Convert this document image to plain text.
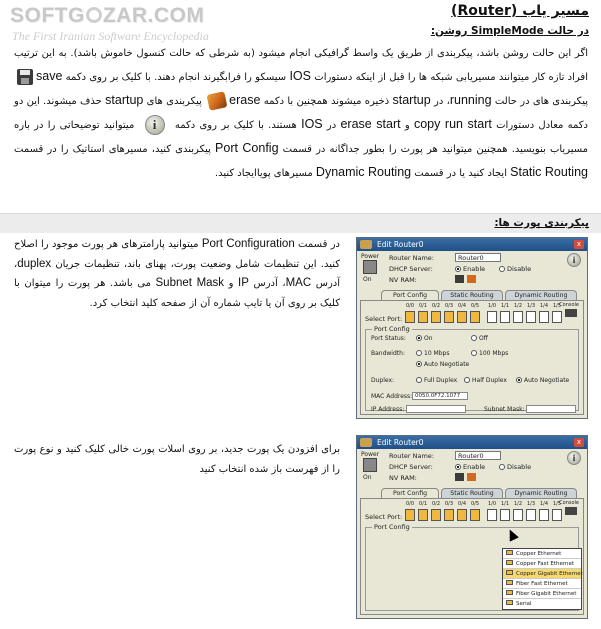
SOFTG ZAR.COM
The First Iranian Software Encyclopedia
مسیر یاب (Router)
در حالت SimpleMode روشن:
اگر این حالت روشن باشد، پیکربندی از طریق یک واسط گرافیکی انجام میشود (به شرطی که حالت کنسول خاموش باشد). به این ترتیب افراد تازه کار میتوانند مسیریابی شبکه ها را قبل از اینکه دستورات IOS سیسکو را فرابگیرند انجام دهند. با کلیک بر روی دکمه save پیکربندی های در حالت running، در startup ذخیره میشوند همچنین با دکمه erase پیکربندی های startup حذف میشوند. این دو دکمه معادل دستورات copy run start و erase start در IOS هستند. با کلیک بر روی دکمه i میتوانید توضیحاتی را در باره مسیریاب بنویسید. همچنین میتوانید هر پورت را بطور جداگانه در قسمت Port Config پیکربندی کنید، مسیرهای استاتیک را در قسمت Static Routing ایجاد کنید یا در قسمت Dynamic Routing مسیرهای پویاایجاد کنید.
پیکربندی پورت ها:
در قسمت Port Configuration میتوانید پارامترهای هر پورت موجود را اصلاح کنید. این تنظیمات شامل وضعیت پورت، پهنای باند، تنظیمات جریان duplex، آدرس MAC، آدرس IP و Subnet Mask می باشد. هر پورت را میتوان با کلیک بر روی آن یا تایپ شماره آن از صفحه کلید انتخاب کرد.
برای افزودن یک پورت جدید، بر روی اسلات پورت خالی کلیک کنید و نوع پورت را از فهرست باز شده انتخاب کنید
Edit Router0	x
Power
On
Router Name:	Router0
DHCP Server:	Enable	Disable
NV RAM:
i
Port Config	Static Routing	Dynamic Routing
Select Port:
0/0 0/1 0/2 0/3 0/4 0/5	1/0 1/1 1/2 1/3 1/4 1/5
Console
Port Config
Port Status:	On	Off
Bandwidth:	10 Mbps	100 Mbps
Auto Negotiate
Duplex:	Full Duplex	Half Duplex	Auto Negotiate
MAC Address: 0050.0F72.1077
IP Address:	Subnet Mask:
Edit Router0	x
Power
On
Router Name:	Router0
DHCP Server:	Enable	Disable
NV RAM:
i
Port Config	Static Routing	Dynamic Routing
Select Port:
0/0 0/1 0/2 0/3 0/4 0/5	1/0 1/1 1/2 1/3 1/4 1/5
Console
Port Config
Copper Ethernet
Copper Fast Ethernet
Copper Gigabit Ethernet
Fiber Fast Ethernet
Fiber Gigabit Ethernet
Serial
